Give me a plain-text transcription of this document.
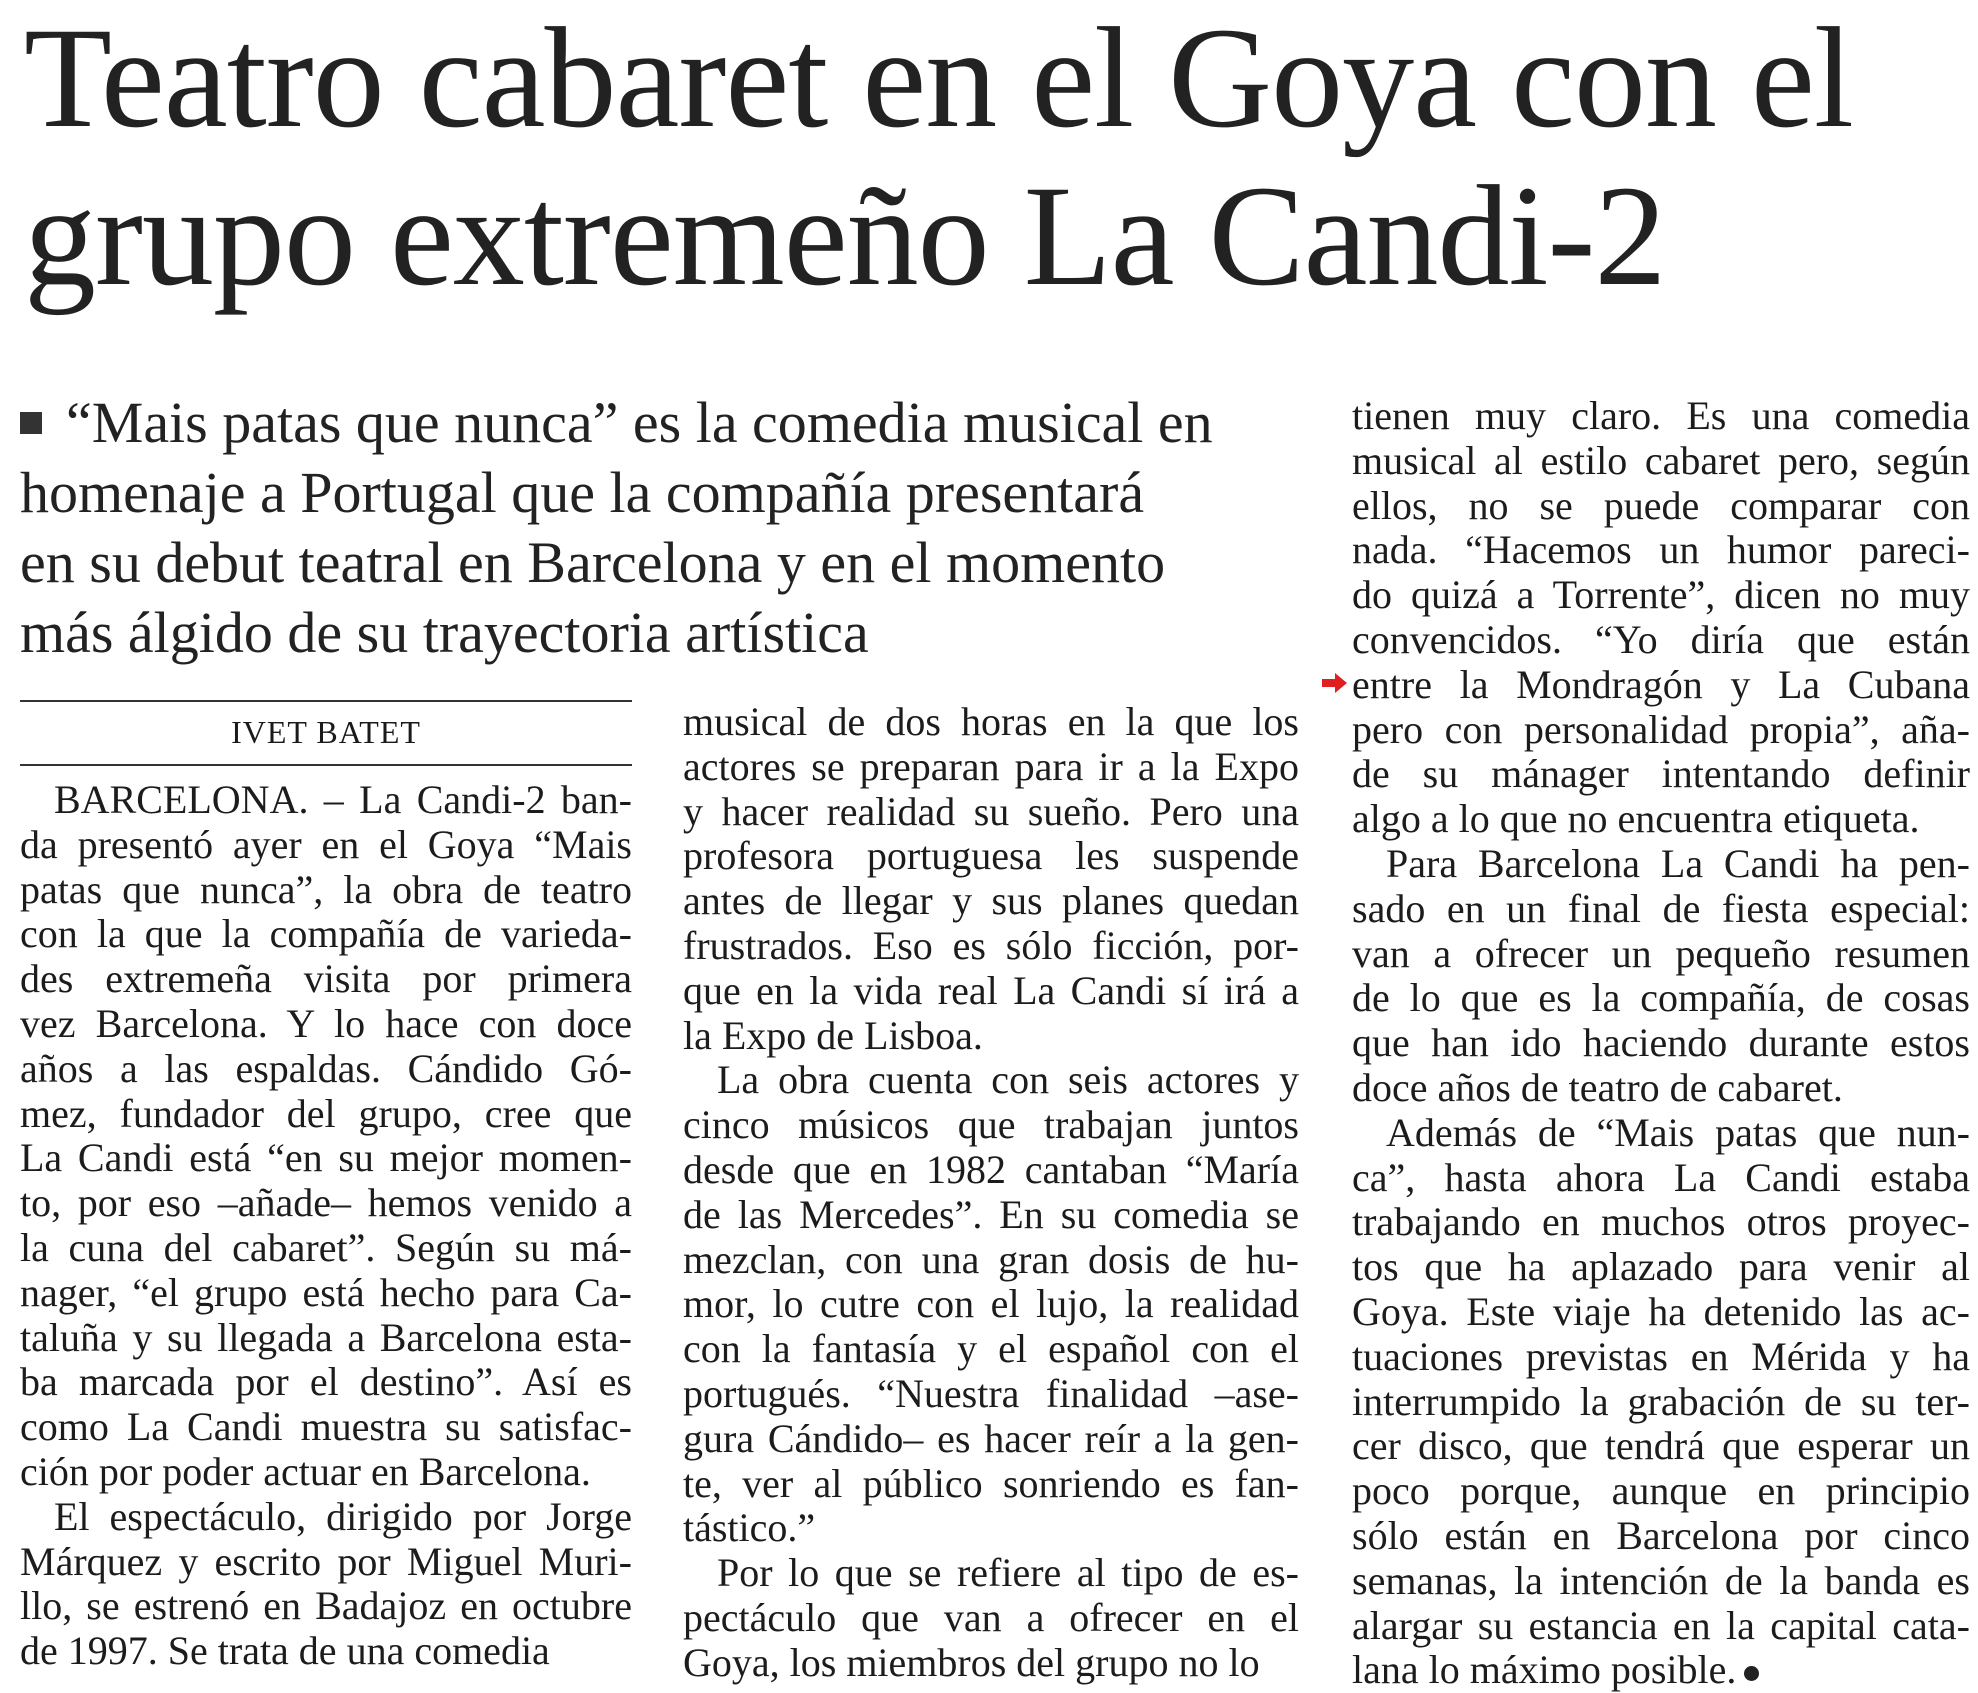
Teatro cabaret en el Goya con el
grupo extremeño La Candi-2
“Mais patas que nunca” es la comedia musical en
homenaje a Portugal que la compañía presentará
en su debut teatral en Barcelona y en el momento
más álgido de su trayectoria artística
IVET BATET
BARCELONA. – La Candi-2 ban-
da presentó ayer en el Goya “Mais
patas que nunca”, la obra de teatro
con la que la compañía de varieda-
des extremeña visita por primera
vez Barcelona. Y lo hace con doce
años a las espaldas. Cándido Gó-
mez, fundador del grupo, cree que
La Candi está “en su mejor momen-
to, por eso –añade– hemos venido a
la cuna del cabaret”. Según su má-
nager, “el grupo está hecho para Ca-
taluña y su llegada a Barcelona esta-
ba marcada por el destino”. Así es
como La Candi muestra su satisfac-
ción por poder actuar en Barcelona.
El espectáculo, dirigido por Jorge
Márquez y escrito por Miguel Muri-
llo, se estrenó en Badajoz en octubre
de 1997. Se trata de una comedia
musical de dos horas en la que los
actores se preparan para ir a la Expo
y hacer realidad su sueño. Pero una
profesora portuguesa les suspende
antes de llegar y sus planes quedan
frustrados. Eso es sólo ficción, por-
que en la vida real La Candi sí irá a
la Expo de Lisboa.
La obra cuenta con seis actores y
cinco músicos que trabajan juntos
desde que en 1982 cantaban “María
de las Mercedes”. En su comedia se
mezclan, con una gran dosis de hu-
mor, lo cutre con el lujo, la realidad
con la fantasía y el español con el
portugués. “Nuestra finalidad –ase-
gura Cándido– es hacer reír a la gen-
te, ver al público sonriendo es fan-
tástico.”
Por lo que se refiere al tipo de es-
pectáculo que van a ofrecer en el
Goya, los miembros del grupo no lo
tienen muy claro. Es una comedia
musical al estilo cabaret pero, según
ellos, no se puede comparar con
nada. “Hacemos un humor pareci-
do quizá a Torrente”, dicen no muy
convencidos. “Yo diría que están
entre la Mondragón y La Cubana
pero con personalidad propia”, aña-
de su mánager intentando definir
algo a lo que no encuentra etiqueta.
Para Barcelona La Candi ha pen-
sado en un final de fiesta especial:
van a ofrecer un pequeño resumen
de lo que es la compañía, de cosas
que han ido haciendo durante estos
doce años de teatro de cabaret.
Además de “Mais patas que nun-
ca”, hasta ahora La Candi estaba
trabajando en muchos otros proyec-
tos que ha aplazado para venir al
Goya. Este viaje ha detenido las ac-
tuaciones previstas en Mérida y ha
interrumpido la grabación de su ter-
cer disco, que tendrá que esperar un
poco porque, aunque en principio
sólo están en Barcelona por cinco
semanas, la intención de la banda es
alargar su estancia en la capital cata-
lana lo máximo posible.
